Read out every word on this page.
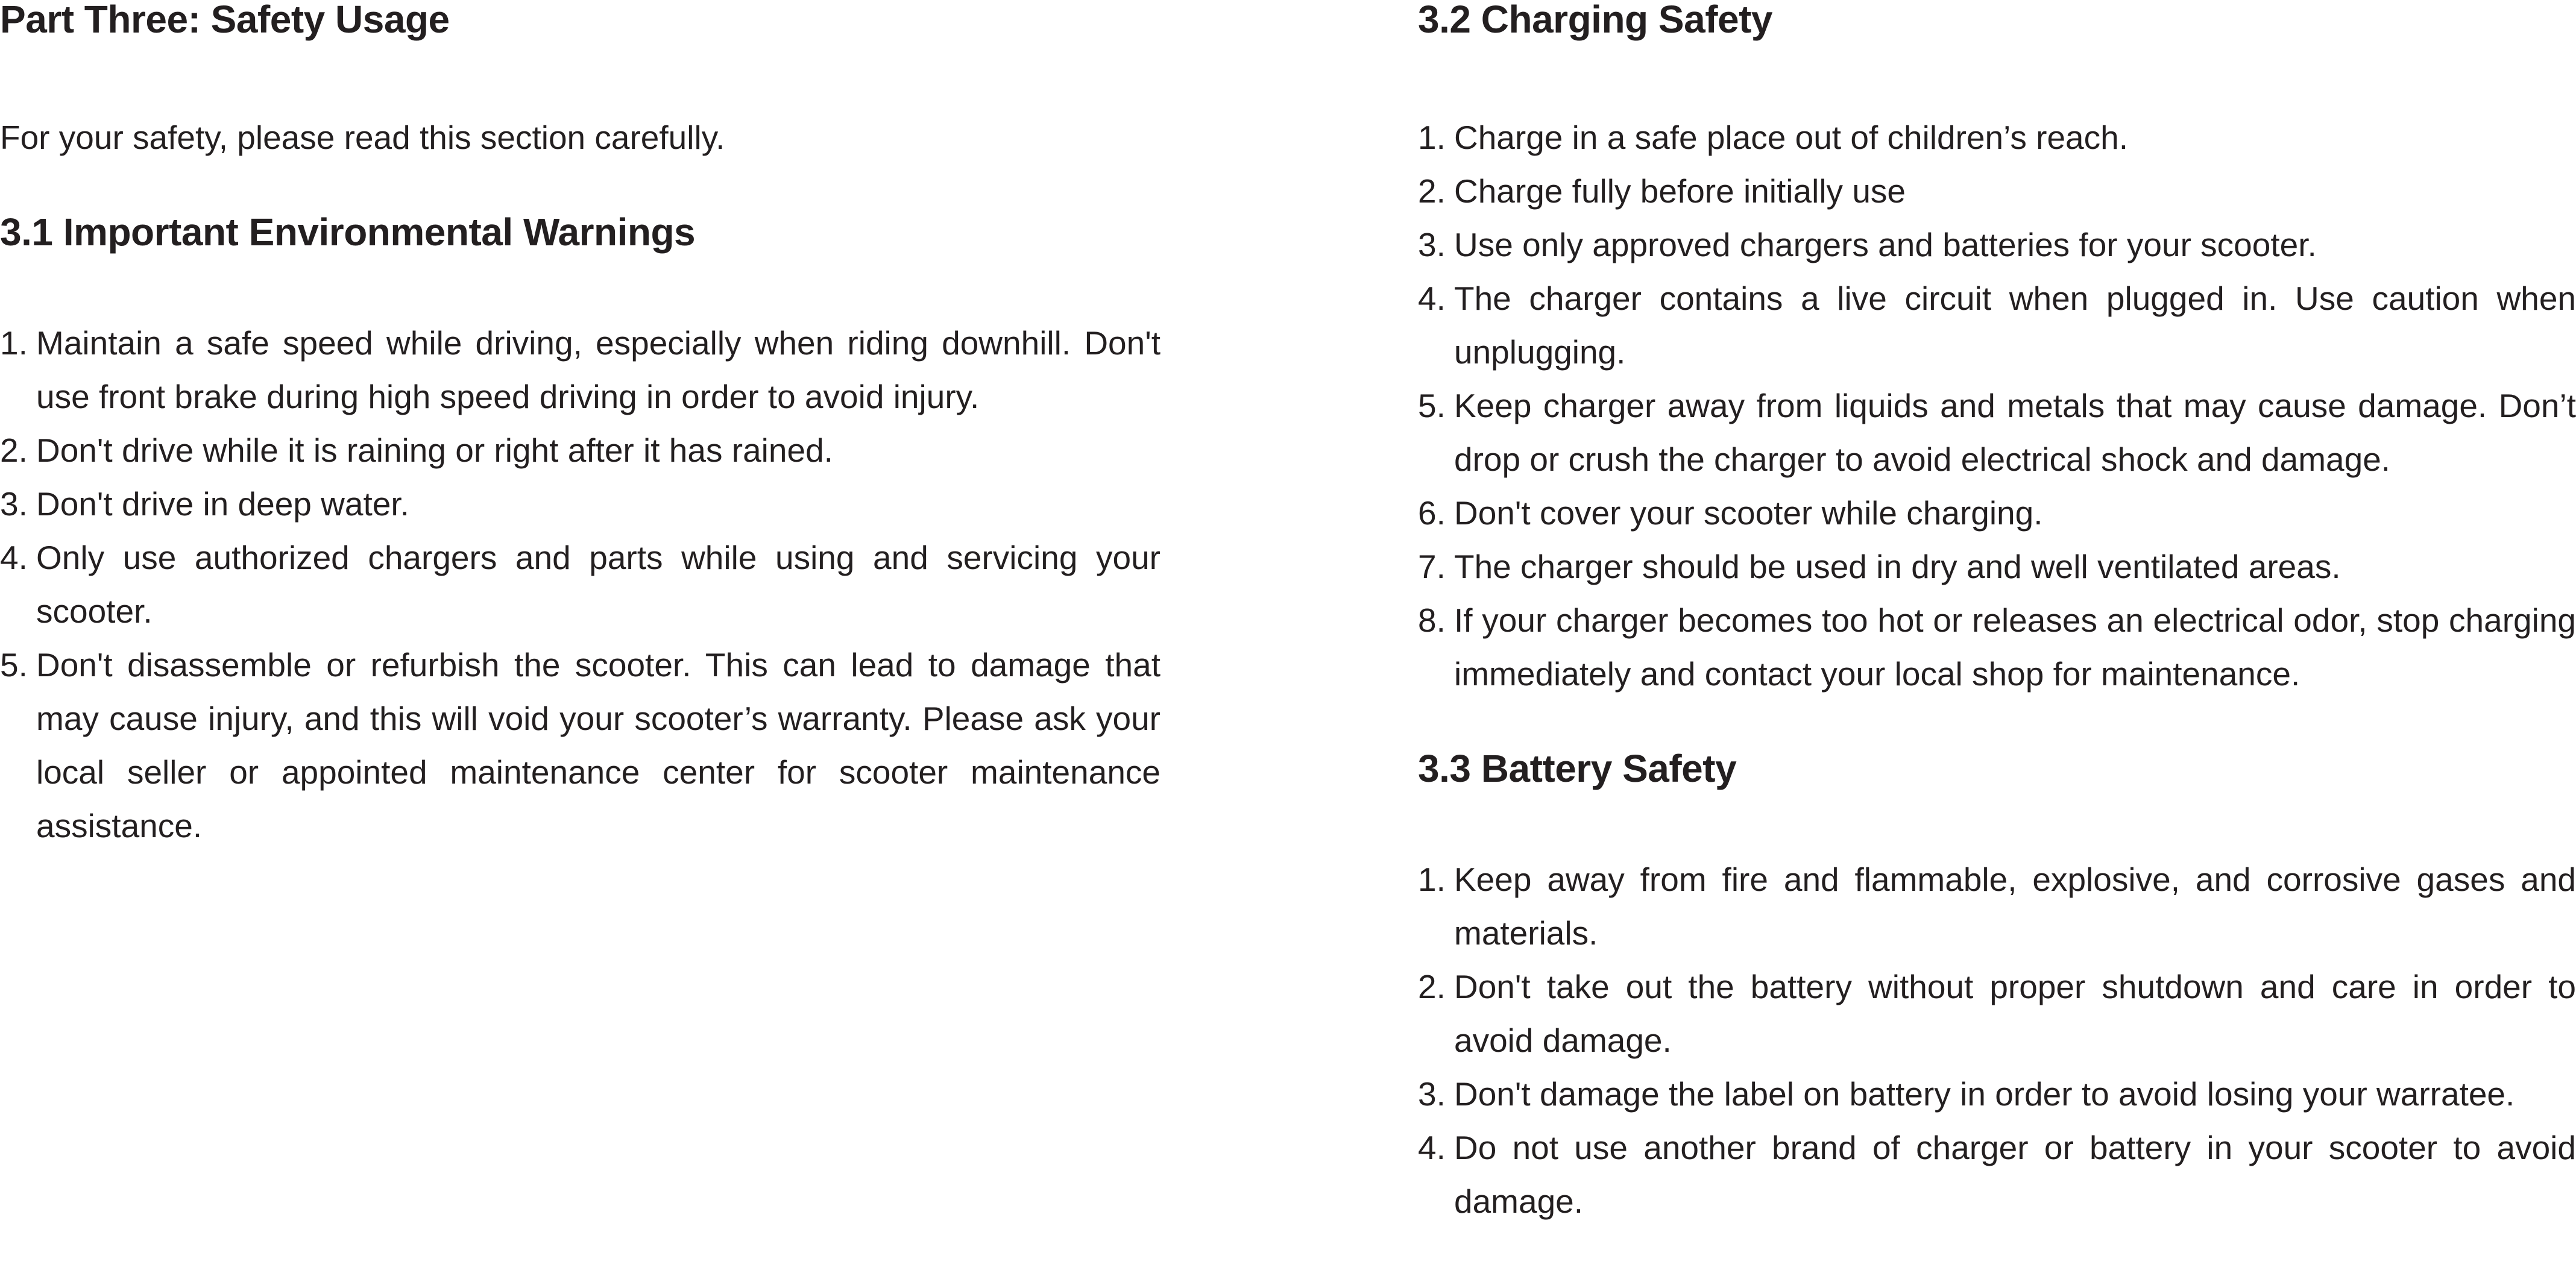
Part Three: Safety Usage

For your safety, please read this section carefully.

3.1 Important Environmental Warnings
1. Maintain a safe speed while driving, especially when riding downhill. Don't use front brake during high speed driving in order to avoid injury.
2. Don't drive while it is raining or right after it has rained.
3. Don't drive in deep water.
4. Only use authorized chargers and parts while using and servicing your scooter.
5. Don't disassemble or refurbish the scooter. This can lead to damage that may cause injury, and this will void your scooter’s warranty. Please ask your local seller or appointed maintenance center for scooter maintenance assistance.
3.2 Charging Safety
1. Charge in a safe place out of children’s reach.
2. Charge fully before initially use
3. Use only approved chargers and batteries for your scooter.
4. The charger contains a live circuit when plugged in. Use caution when unplugging.
5. Keep charger away from liquids and metals that may cause damage. Don’t drop or crush the charger to avoid electrical shock and damage.
6. Don't cover your scooter while charging.
7. The charger should be used in dry and well ventilated areas.
8. If your charger becomes too hot or releases an electrical odor, stop charging immediately and contact your local shop for maintenance.
3.3 Battery Safety
1. Keep away from fire and flammable, explosive, and corrosive gases and materials.
2. Don't take out the battery without proper shutdown and care in order to avoid damage.
3. Don't damage the label on battery in order to avoid losing your warratee.
4. Do not use another brand of charger or battery in your scooter to avoid damage.
